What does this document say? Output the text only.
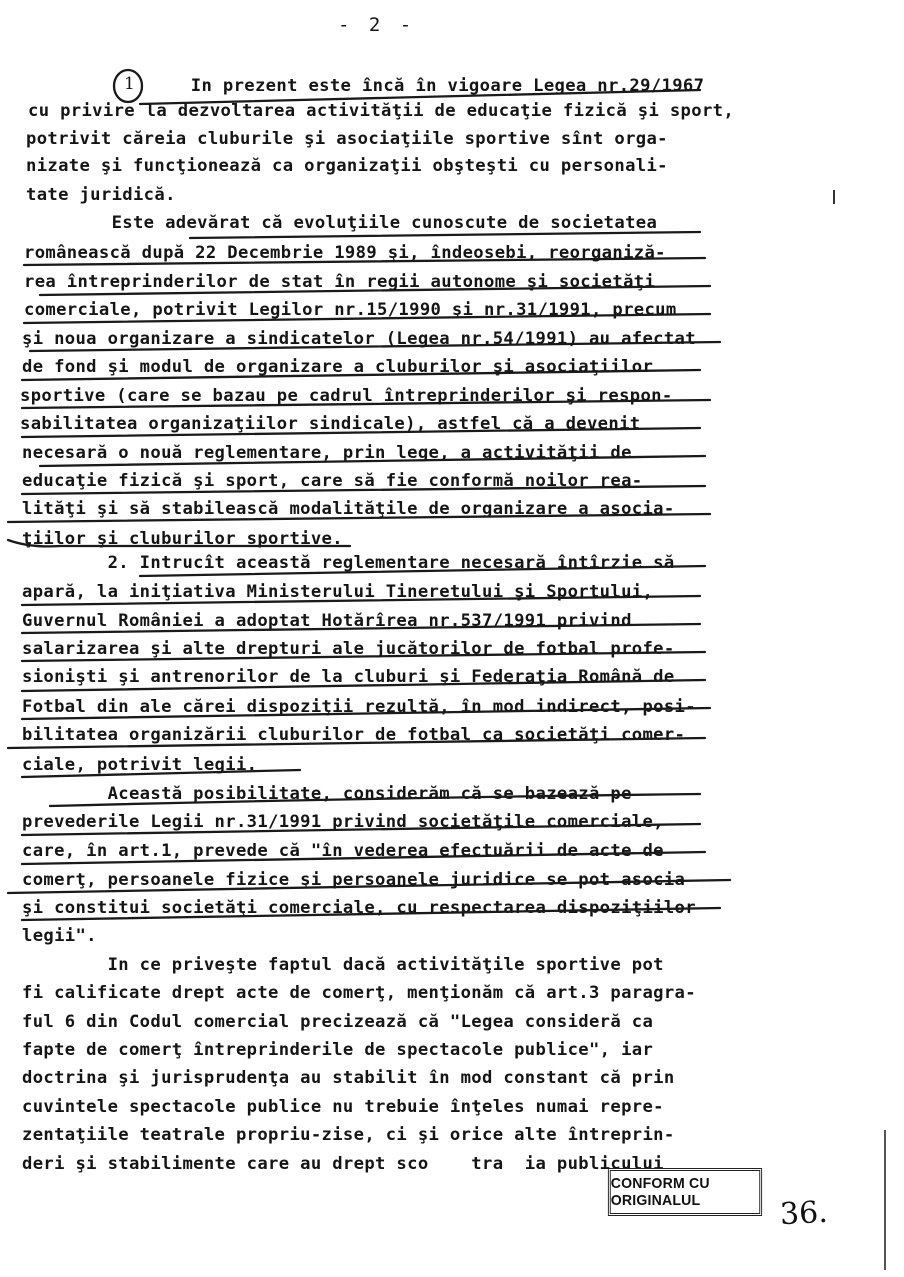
- 2 -
In prezent este încă în vigoare Legea nr.29/1967
cu privire la dezvoltarea activităţii de educaţie fizică şi sport,
potrivit căreia cluburile şi asociaţiile sportive sînt orga-
nizate şi funcţionează ca organizaţii obşteşti cu personali-
tate juridică.
Este adevărat că evoluţiile cunoscute de societatea
românească după 22 Decembrie 1989 şi, îndeosebi, reorganiză-
rea întreprinderilor de stat în regii autonome şi societăţi
comerciale, potrivit Legilor nr.15/1990 şi nr.31/1991, precum
şi noua organizare a sindicatelor (Legea nr.54/1991) au afectat
de fond şi modul de organizare a cluburilor şi asociaţiilor
sportive (care se bazau pe cadrul întreprinderilor şi respon-
sabilitatea organizaţiilor sindicale), astfel că a devenit
necesară o nouă reglementare, prin lege, a activităţii de
educaţie fizică şi sport, care să fie conformă noilor rea-
lităţi şi să stabilească modalităţile de organizare a asocia-
ţiilor şi cluburilor sportive.
2. Intrucît această reglementare necesară întîrzie să
apară, la iniţiativa Ministerului Tineretului şi Sportului,
Guvernul României a adoptat Hotărîrea nr.537/1991 privind
salarizarea şi alte drepturi ale jucătorilor de fotbal profe-
sionişti şi antrenorilor de la cluburi şi Federaţia Română de
Fotbal din ale cărei dispoziţii rezultă, în mod indirect, posi-
bilitatea organizării cluburilor de fotbal ca societăţi comer-
ciale, potrivit legii.
Această posibilitate, considerăm că se bazează pe
prevederile Legii nr.31/1991 privind societăţile comerciale,
care, în art.1, prevede că "în vederea efectuării de acte de
comerţ, persoanele fizice şi persoanele juridice se pot asocia
şi constitui societăţi comerciale, cu respectarea dispoziţiilor
legii".
In ce priveşte faptul dacă activităţile sportive pot
fi calificate drept acte de comerţ, menţionăm că art.3 paragra-
ful 6 din Codul comercial precizează că "Legea consideră ca
fapte de comerţ întreprinderile de spectacole publice", iar
doctrina şi jurisprudenţa au stabilit în mod constant că prin
cuvintele spectacole publice nu trebuie înţeles numai repre-
zentaţiile teatrale propriu-zise, ci şi orice alte întreprin-
deri şi stabilimente care au drept sco    tra  ia publicului
1
CONFORM CU ORIGINALUL	36.
